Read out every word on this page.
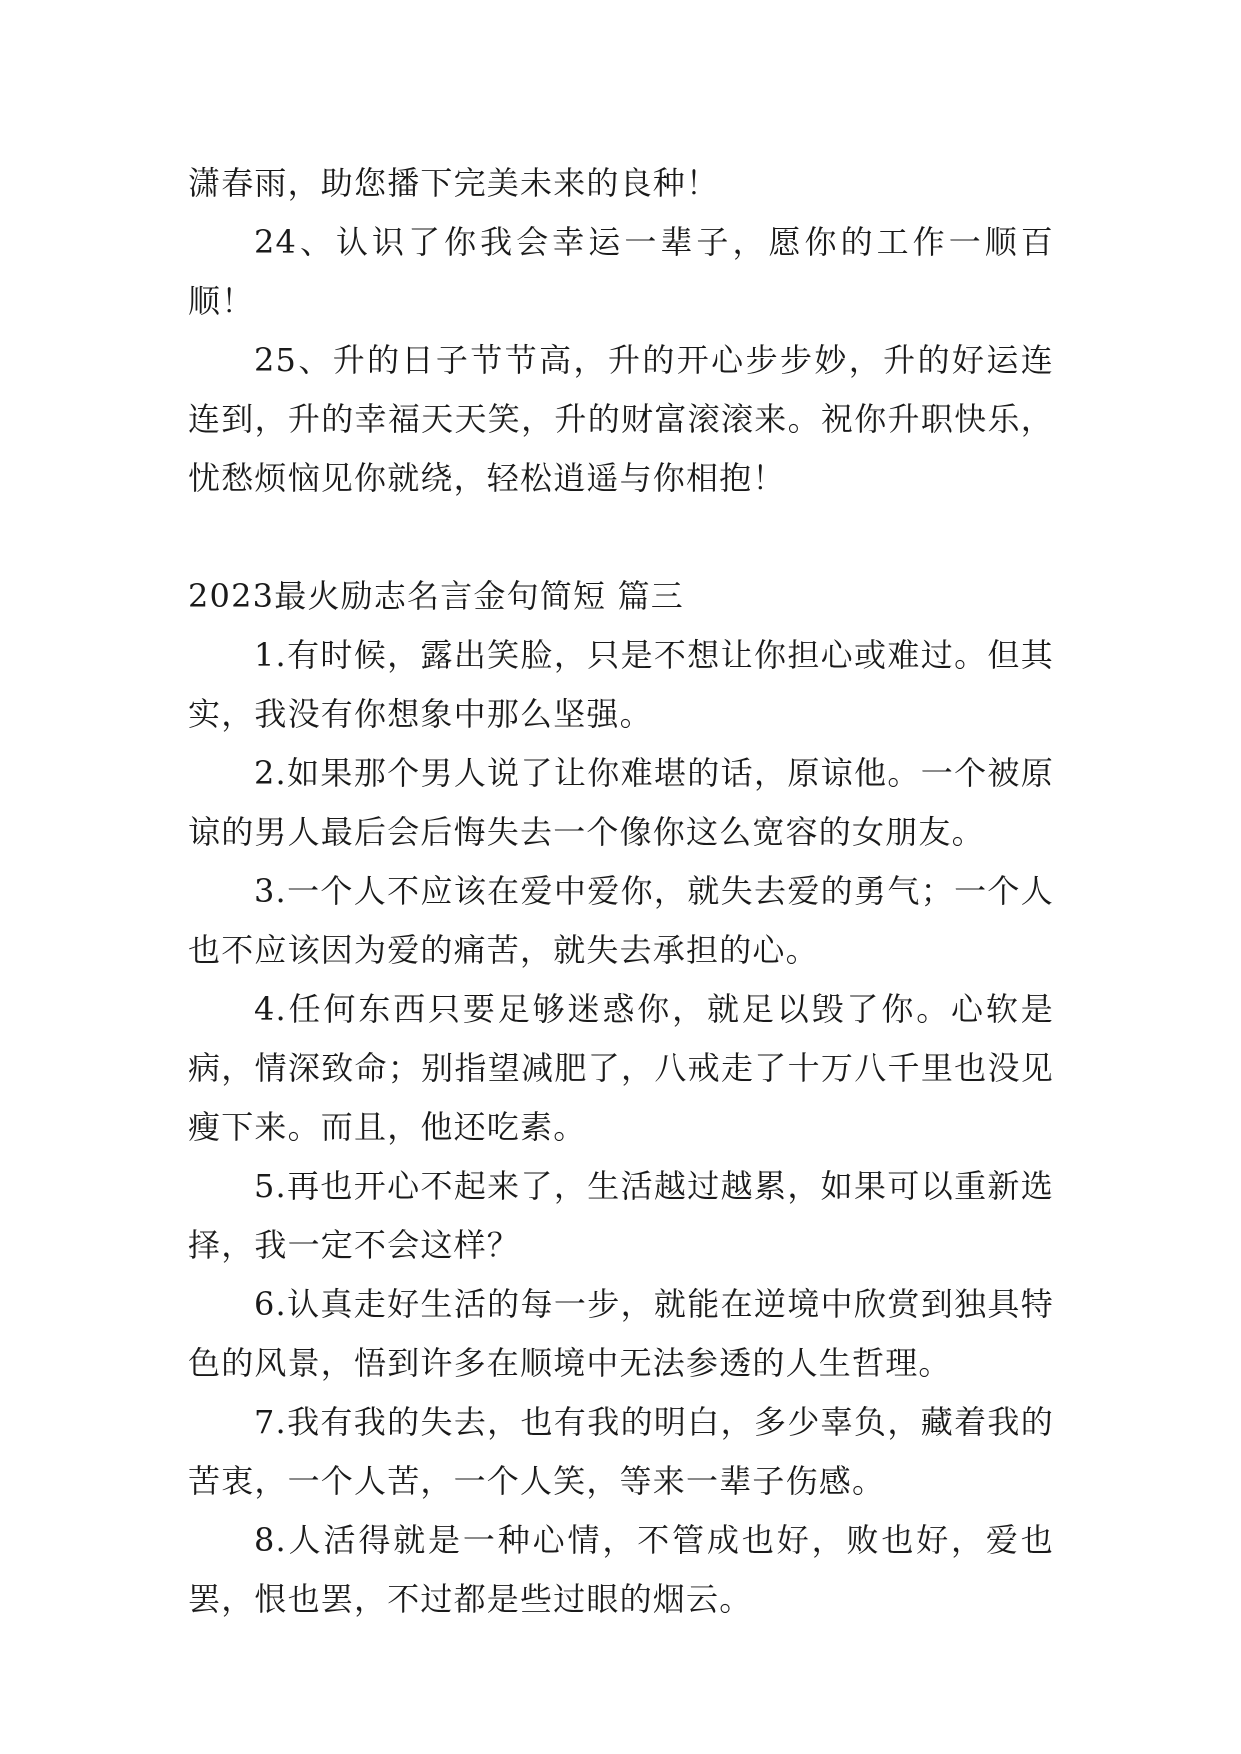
潇春雨，助您播下完美未来的良种！

24、认识了你我会幸运一辈子，愿你的工作一顺百顺！

25、升的日子节节高，升的开心步步妙，升的好运连连到，升的幸福天天笑，升的财富滚滚来。祝你升职快乐，忧愁烦恼见你就绕，轻松逍遥与你相抱！

2023最火励志名言金句简短 篇三

1.有时候，露出笑脸，只是不想让你担心或难过。但其实，我没有你想象中那么坚强。

2.如果那个男人说了让你难堪的话，原谅他。一个被原谅的男人最后会后悔失去一个像你这么宽容的女朋友。

3.一个人不应该在爱中爱你，就失去爱的勇气；一个人也不应该因为爱的痛苦，就失去承担的心。

4.任何东西只要足够迷惑你，就足以毁了你。心软是病，情深致命；别指望减肥了，八戒走了十万八千里也没见瘦下来。而且，他还吃素。

5.再也开心不起来了，生活越过越累，如果可以重新选择，我一定不会这样？

6.认真走好生活的每一步，就能在逆境中欣赏到独具特色的风景，悟到许多在顺境中无法参透的人生哲理。

7.我有我的失去，也有我的明白，多少辜负，藏着我的苦衷，一个人苦，一个人笑，等来一辈子伤感。

8.人活得就是一种心情，不管成也好，败也好，爱也罢，恨也罢，不过都是些过眼的烟云。
